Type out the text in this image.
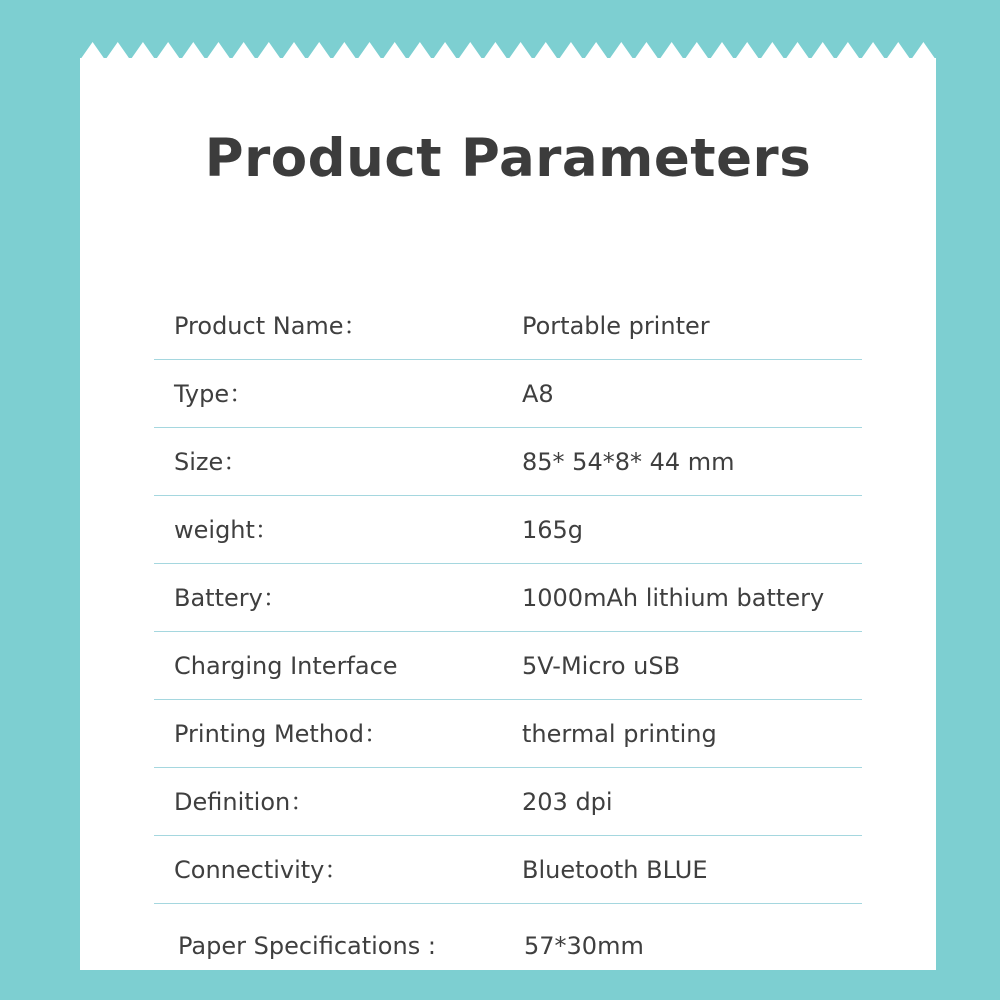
Product Parameters
Product Name：	Portable printer
Type：	A8
Size：	85* 54*8* 44 mm
weight：	165g
Battery：	1000mAh lithium battery
Charging Interface	5V-Micro uSB
Printing Method：	thermal printing
Definition：	203 dpi
Connectivity：	Bluetooth BLUE
Paper Specifications :	57*30mm
